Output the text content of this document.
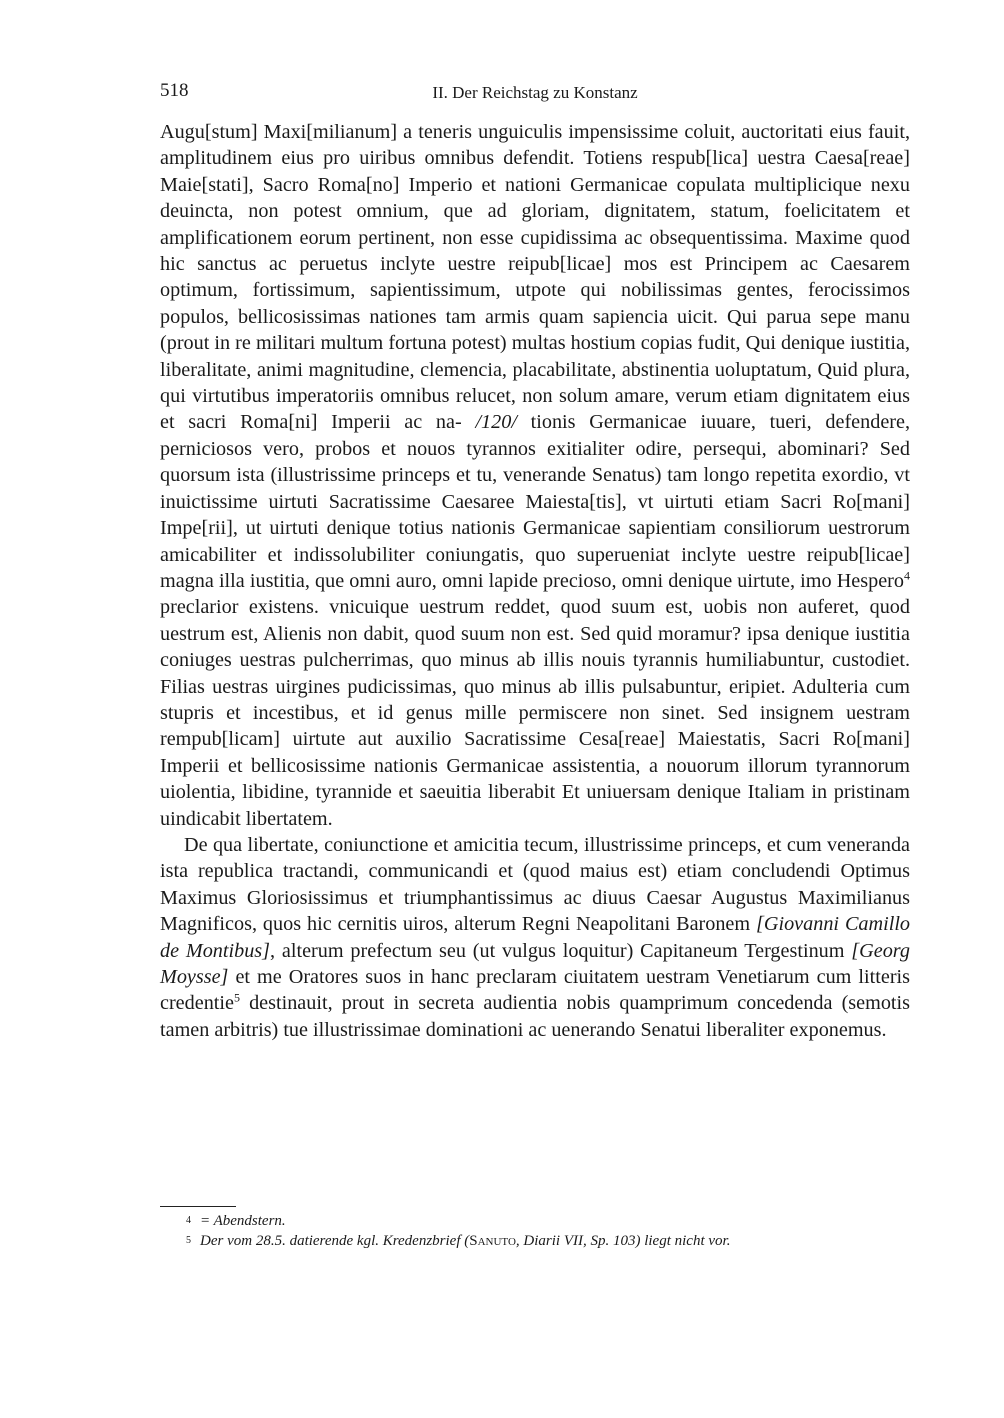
518	II. Der Reichstag zu Konstanz

Augu[stum] Maxi[milianum] a teneris unguiculis impensissime coluit, auctoritati eius fauit, amplitudinem eius pro uiribus omnibus defendit. Totiens respub[lica] uestra Caesa[reae] Maie[stati], Sacro Roma[no] Imperio et nationi Germanicae copulata multiplicique nexu deuincta, non potest omnium, que ad gloriam, dignitatem, statum, foelicitatem et amplificationem eorum pertinent, non esse cupidissima ac obsequentissima. Maxime quod hic sanctus ac peruetus inclyte uestre reipub[licae] mos est Principem ac Caesarem optimum, fortissimum, sapientissimum, utpote qui nobilissimas gentes, ferocissimos populos, bellicosissimas nationes tam armis quam sapiencia uicit. Qui parua sepe manu (prout in re militari multum fortuna potest) multas hostium copias fudit, Qui denique iustitia, liberalitate, animi magnitudine, clemencia, placabilitate, abstinentia uoluptatum, Quid plura, qui virtutibus imperatoriis omnibus relucet, non solum amare, verum etiam dignitatem eius et sacri Roma[ni] Imperii ac na- /120/ tionis Germanicae iuuare, tueri, defendere, perniciosos vero, probos et nouos tyrannos exitialiter odire, persequi, abominari? Sed quorsum ista (illustrissime princeps et tu, venerande Senatus) tam longo repetita exordio, vt inuictissime uirtuti Sacratissime Caesaree Maiesta[tis], vt uirtuti etiam Sacri Ro[mani] Impe[rii], ut uirtuti denique totius nationis Germanicae sapientiam consiliorum uestrorum amicabiliter et indissolubiliter coniungatis, quo superueniat inclyte uestre reipub[licae] magna illa iustitia, que omni auro, omni lapide precioso, omni denique uirtute, imo Hespero$^4$ preclarior existens. vnicuique uestrum reddet, quod suum est, uobis non auferet, quod uestrum est, Alienis non dabit, quod suum non est. Sed quid moramur? ipsa denique iustitia coniuges uestras pulcherrimas, quo minus ab illis nouis tyrannis humiliabuntur, custodiet. Filias uestras uirgines pudicissimas, quo minus ab illis pulsabuntur, eripiet. Adulteria cum stupris et incestibus, et id genus mille permiscere non sinet. Sed insignem uestram rempub[licam] uirtute aut auxilio Sacratissime Cesa[reae] Maiestatis, Sacri Ro[mani] Imperii et bellicosissime nationis Germanicae assistentia, a nouorum illorum tyrannorum uiolentia, libidine, tyrannide et saeuitia liberabit Et uniuersam denique Italiam in pristinam uindicabit libertatem.

De qua libertate, coniunctione et amicitia tecum, illustrissime princeps, et cum veneranda ista republica tractandi, communicandi et (quod maius est) etiam concludendi Optimus Maximus Gloriosissimus et triumphantissimus ac diuus Caesar Augustus Maximilianus Magnificos, quos hic cernitis uiros, alterum Regni Neapolitani Baronem [Giovanni Camillo de Montibus], alterum prefectum seu (ut vulgus loquitur) Capitaneum Tergestinum [Georg Moysse] et me Oratores suos in hanc preclaram ciuitatem uestram Venetiarum cum litteris credentie$^5$ destinauit, prout in secreta audientia nobis quamprimum concedenda (semotis tamen arbitris) tue illustrissimae dominationi ac uenerando Senatui liberaliter exponemus.

4 = Abendstern.
5 Der vom 28.5. datierende kgl. Kredenzbrief (Sanuto, Diarii VII, Sp. 103) liegt nicht vor.
